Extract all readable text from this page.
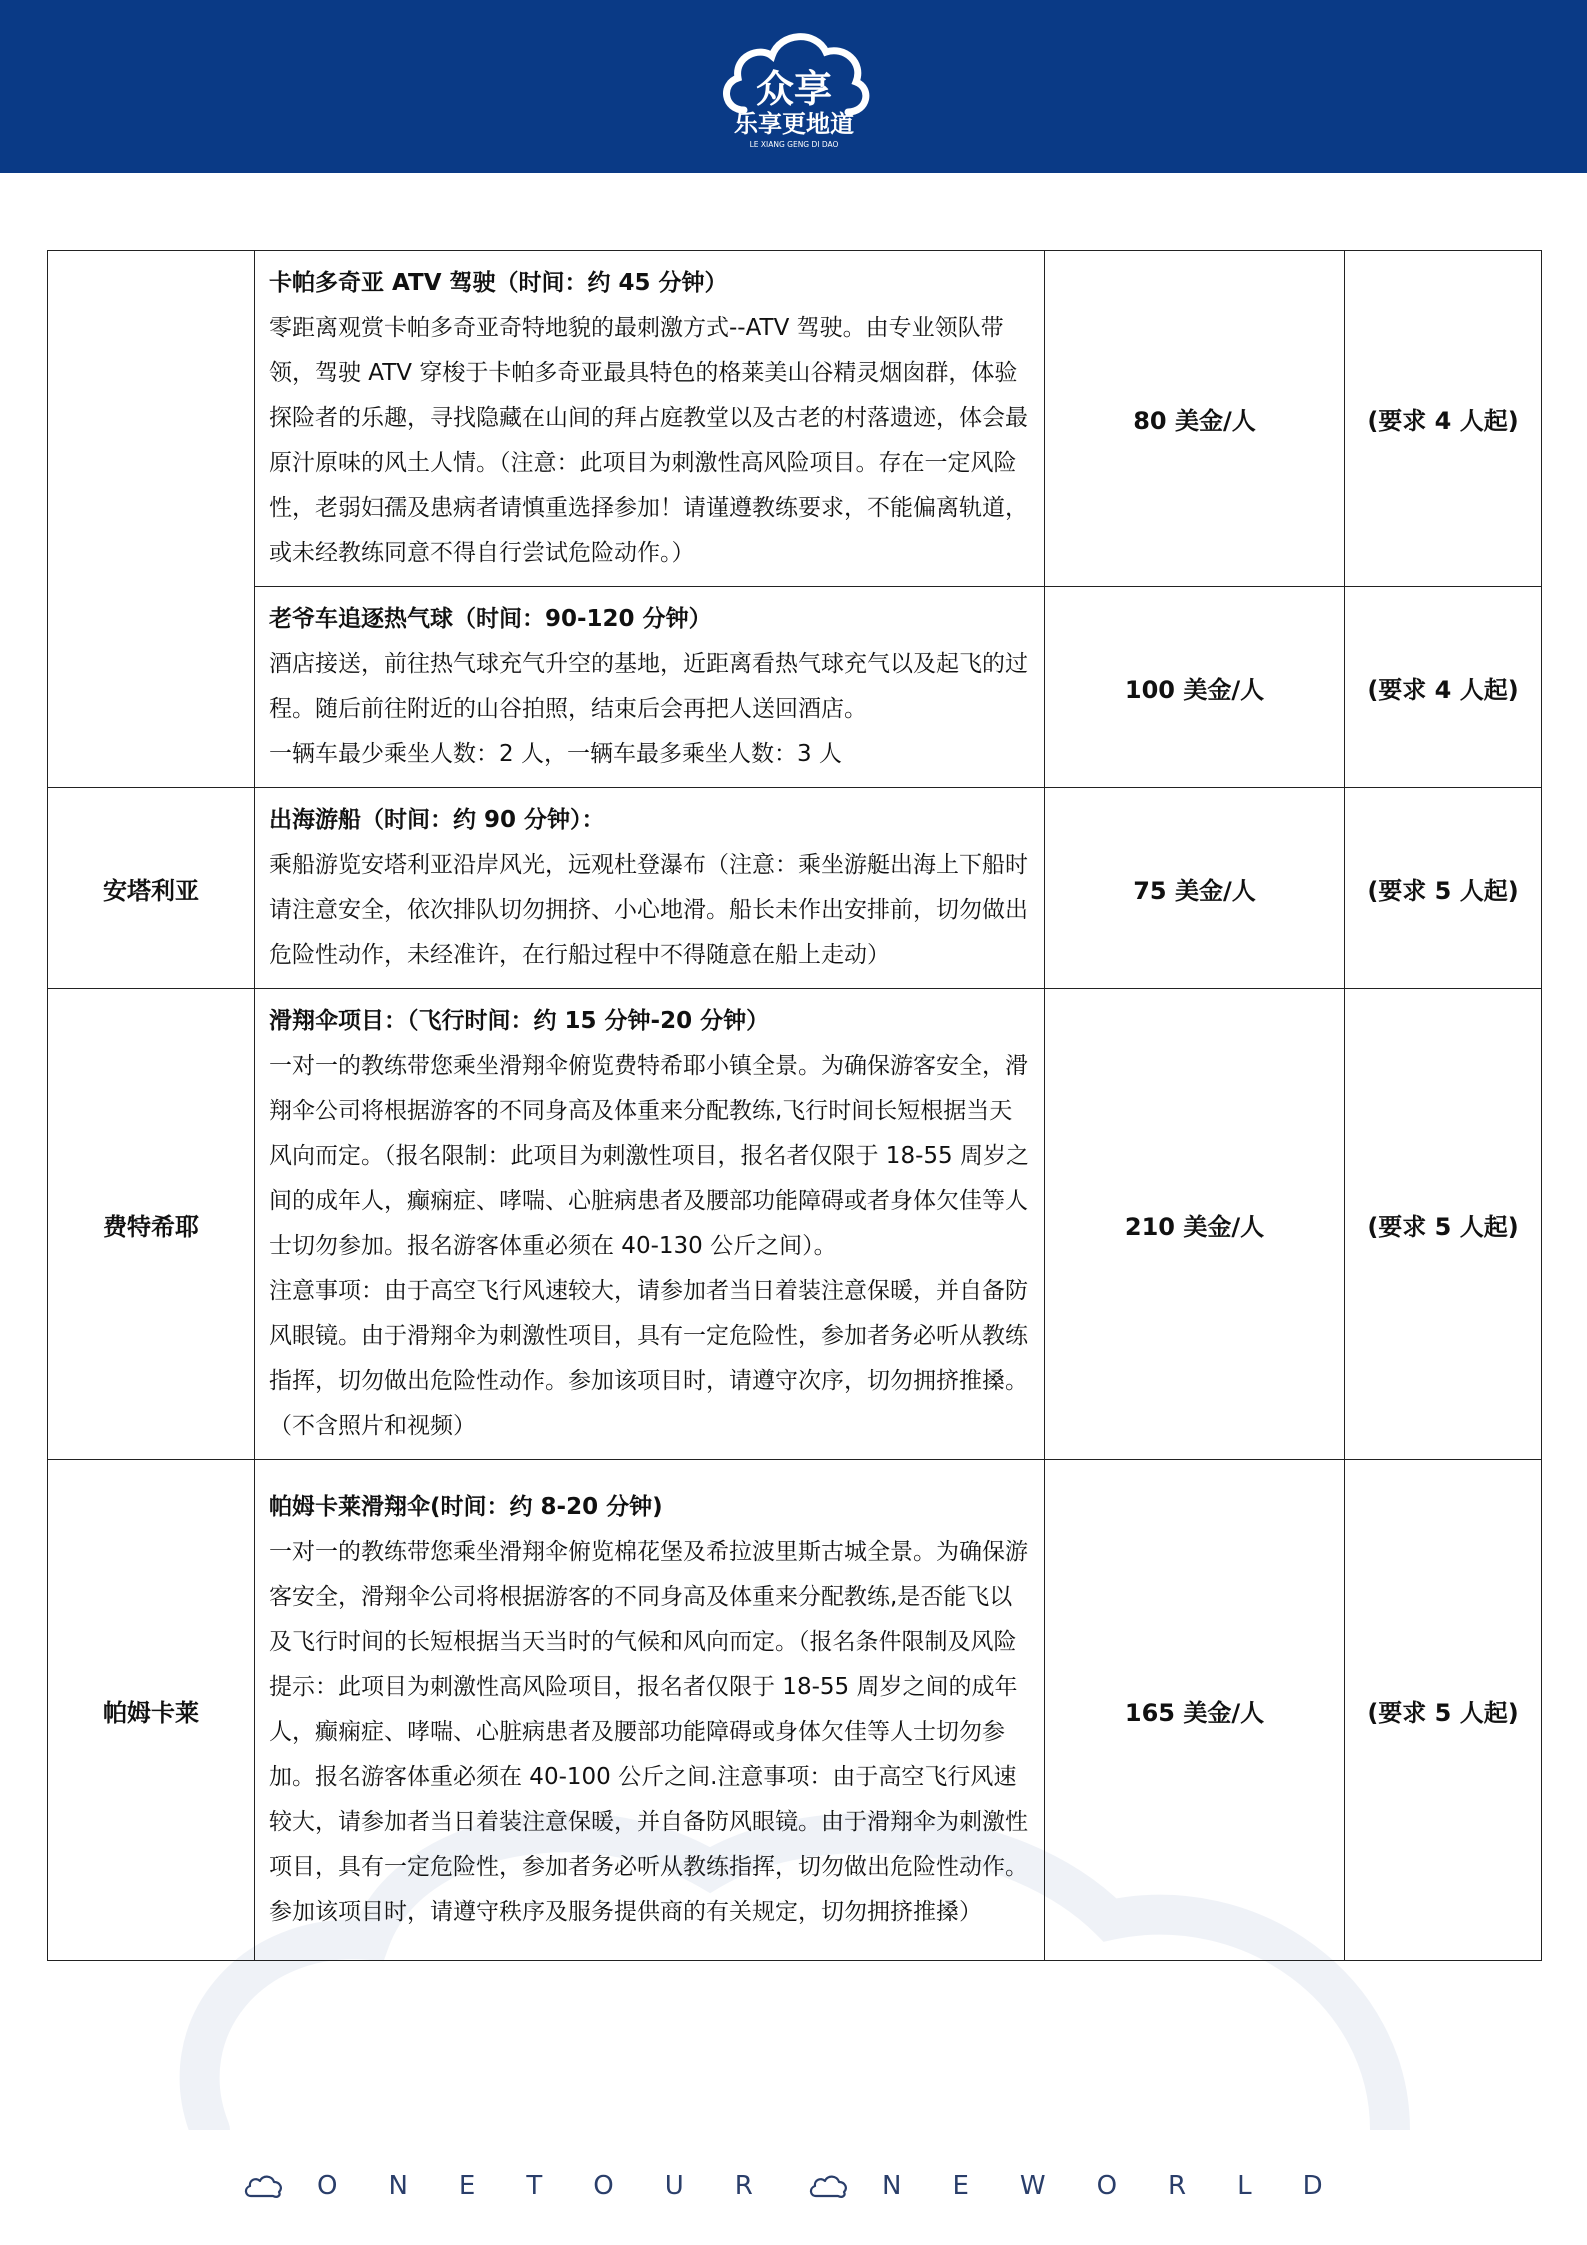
众享
乐享更地道
LE XIANG GENG DI DAO

	卡帕多奇亚 ATV 驾驶（时间：约 45 分钟）
零距离观赏卡帕多奇亚奇特地貌的最刺激方式--ATV 驾驶。由专业领队带领，驾驶 ATV 穿梭于卡帕多奇亚最具特色的格莱美山谷精灵烟囱群，体验探险者的乐趣，寻找隐藏在山间的拜占庭教堂以及古老的村落遗迹，体会最原汁原味的风土人情。（注意：此项目为刺激性高风险项目。存在一定风险性，老弱妇孺及患病者请慎重选择参加！请谨遵教练要求，不能偏离轨道，或未经教练同意不得自行尝试危险动作。）	80 美金/人	(要求 4 人起)

	老爷车追逐热气球（时间：90-120 分钟）
酒店接送，前往热气球充气升空的基地，近距离看热气球充气以及起飞的过程。随后前往附近的山谷拍照，结束后会再把人送回酒店。
一辆车最少乘坐人数：2 人，一辆车最多乘坐人数：3 人	100 美金/人	(要求 4 人起)
安塔利亚	出海游船（时间：约 90 分钟）：
乘船游览安塔利亚沿岸风光，远观杜登瀑布（注意：乘坐游艇出海上下船时请注意安全，依次排队切勿拥挤、小心地滑。船长未作出安排前，切勿做出危险性动作，未经准许，在行船过程中不得随意在船上走动）	75 美金/人	(要求 5 人起)
费特希耶	滑翔伞项目：（飞行时间：约 15 分钟-20 分钟）
一对一的教练带您乘坐滑翔伞俯览费特希耶小镇全景。为确保游客安全，滑翔伞公司将根据游客的不同身高及体重来分配教练,飞行时间长短根据当天风向而定。（报名限制：此项目为刺激性项目，报名者仅限于 18-55 周岁之间的成年人，癫痫症、哮喘、心脏病患者及腰部功能障碍或者身体欠佳等人士切勿参加。报名游客体重必须在 40-130 公斤之间）。
注意事项：由于高空飞行风速较大，请参加者当日着装注意保暖，并自备防风眼镜。由于滑翔伞为刺激性项目，具有一定危险性，参加者务必听从教练指挥，切勿做出危险性动作。参加该项目时，请遵守次序，切勿拥挤推搡。（不含照片和视频）	210 美金/人	(要求 5 人起)
帕姆卡莱	帕姆卡莱滑翔伞(时间：约 8-20 分钟)
一对一的教练带您乘坐滑翔伞俯览棉花堡及希拉波里斯古城全景。为确保游客安全，滑翔伞公司将根据游客的不同身高及体重来分配教练,是否能飞以及飞行时间的长短根据当天当时的气候和风向而定。（报名条件限制及风险提示：此项目为刺激性高风险项目，报名者仅限于 18-55 周岁之间的成年人，癫痫症、哮喘、心脏病患者及腰部功能障碍或身体欠佳等人士切勿参加。报名游客体重必须在 40-100 公斤之间.注意事项：由于高空飞行风速较大，请参加者当日着装注意保暖，并自备防风眼镜。由于滑翔伞为刺激性项目，具有一定危险性，参加者务必听从教练指挥，切勿做出危险性动作。参加该项目时，请遵守秩序及服务提供商的有关规定，切勿拥挤推搡）	165 美金/人	(要求 5 人起)
ONETOUR	NEWORLD
